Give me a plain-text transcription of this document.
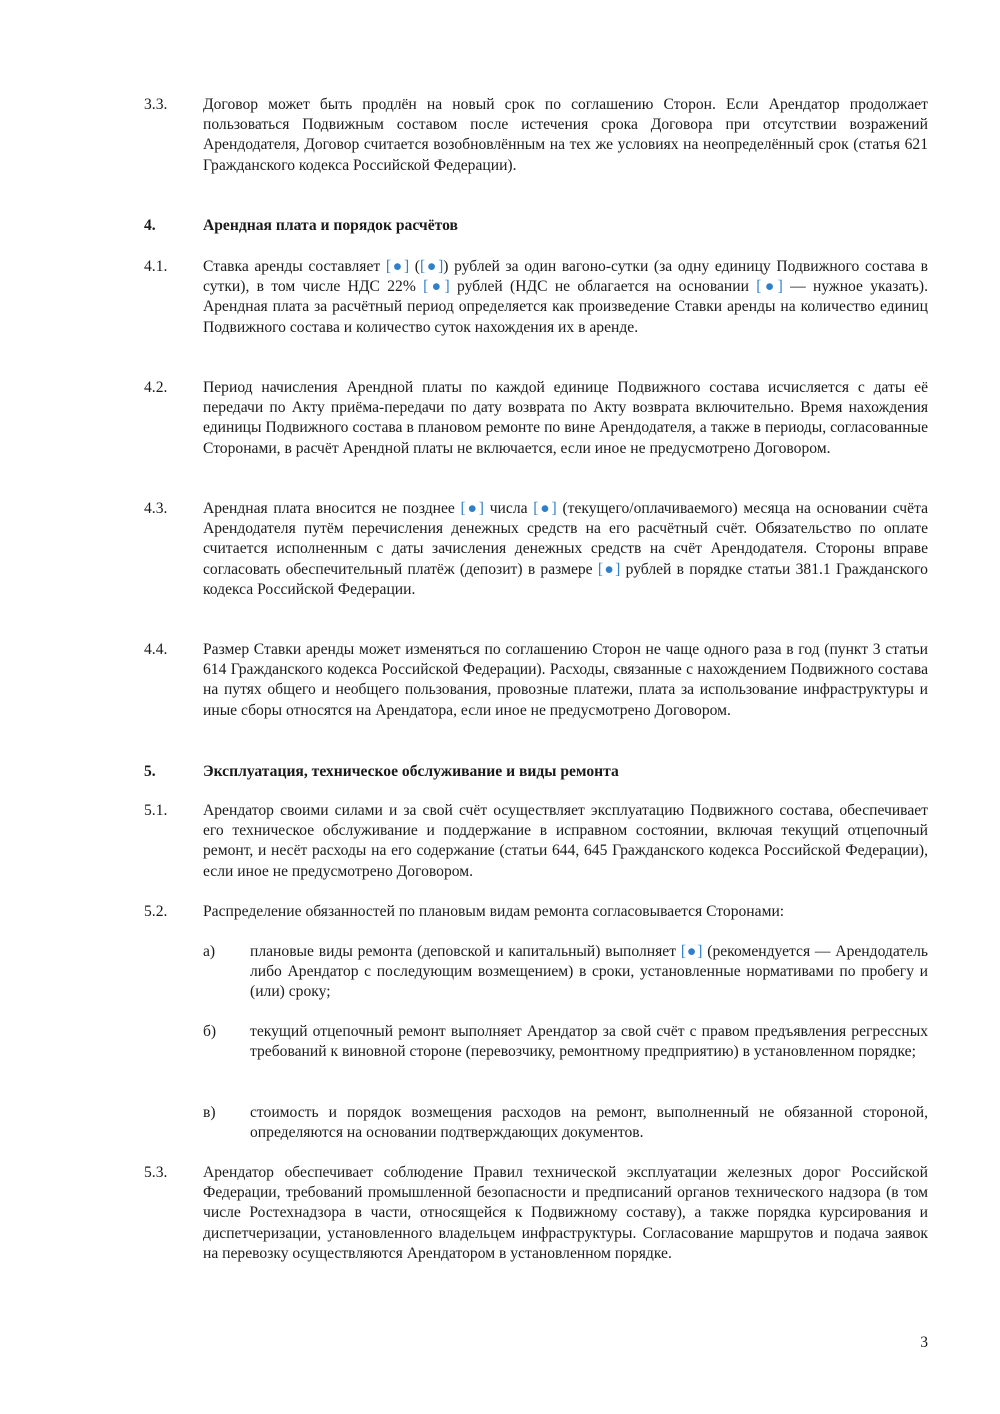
3.3.	Договор может быть продлён на новый срок по соглашению Сторон. Если Арендатор продолжает пользоваться Подвижным составом после истечения срока Договора при отсутствии возражений Арендодателя, Договор считается возобновлённым на тех же условиях на неопределённый срок (статья 621 Гражданского кодекса Российской Федерации).
4.	Арендная плата и порядок расчётов
4.1.	Ставка аренды составляет [●] ([●]) рублей за один вагоно-сутки (за одну единицу Подвижного состава в сутки), в том числе НДС 22% [●] рублей (НДС не облагается на основании [●] — нужное указать). Арендная плата за расчётный период определяется как произведение Ставки аренды на количество единиц Подвижного состава и количество суток нахождения их в аренде.
4.2.	Период начисления Арендной платы по каждой единице Подвижного состава исчисляется с даты её передачи по Акту приёма-передачи по дату возврата по Акту возврата включительно. Время нахождения единицы Подвижного состава в плановом ремонте по вине Арендодателя, а также в периоды, согласованные Сторонами, в расчёт Арендной платы не включается, если иное не предусмотрено Договором.
4.3.	Арендная плата вносится не позднее [●] числа [●] (текущего/оплачиваемого) месяца на основании счёта Арендодателя путём перечисления денежных средств на его расчётный счёт. Обязательство по оплате считается исполненным с даты зачисления денежных средств на счёт Арендодателя. Стороны вправе согласовать обеспечительный платёж (депозит) в размере [●] рублей в порядке статьи 381.1 Гражданского кодекса Российской Федерации.
4.4.	Размер Ставки аренды может изменяться по соглашению Сторон не чаще одного раза в год (пункт 3 статьи 614 Гражданского кодекса Российской Федерации). Расходы, связанные с нахождением Подвижного состава на путях общего и необщего пользования, провозные платежи, плата за использование инфраструктуры и иные сборы относятся на Арендатора, если иное не предусмотрено Договором.
5.	Эксплуатация, техническое обслуживание и виды ремонта
5.1.	Арендатор своими силами и за свой счёт осуществляет эксплуатацию Подвижного состава, обеспечивает его техническое обслуживание и поддержание в исправном состоянии, включая текущий отцепочный ремонт, и несёт расходы на его содержание (статьи 644, 645 Гражданского кодекса Российской Федерации), если иное не предусмотрено Договором.
5.2.	Распределение обязанностей по плановым видам ремонта согласовывается Сторонами:
а)	плановые виды ремонта (деповской и капитальный) выполняет [●] (рекомендуется — Арендодатель либо Арендатор с последующим возмещением) в сроки, установленные нормативами по пробегу и (или) сроку;
б)	текущий отцепочный ремонт выполняет Арендатор за свой счёт с правом предъявления регрессных требований к виновной стороне (перевозчику, ремонтному предприятию) в установленном порядке;
в)	стоимость и порядок возмещения расходов на ремонт, выполненный не обязанной стороной, определяются на основании подтверждающих документов.
5.3.	Арендатор обеспечивает соблюдение Правил технической эксплуатации железных дорог Российской Федерации, требований промышленной безопасности и предписаний органов технического надзора (в том числе Ростехнадзора в части, относящейся к Подвижному составу), а также порядка курсирования и диспетчеризации, установленного владельцем инфраструктуры. Согласование маршрутов и подача заявок на перевозку осуществляются Арендатором в установленном порядке.
3
